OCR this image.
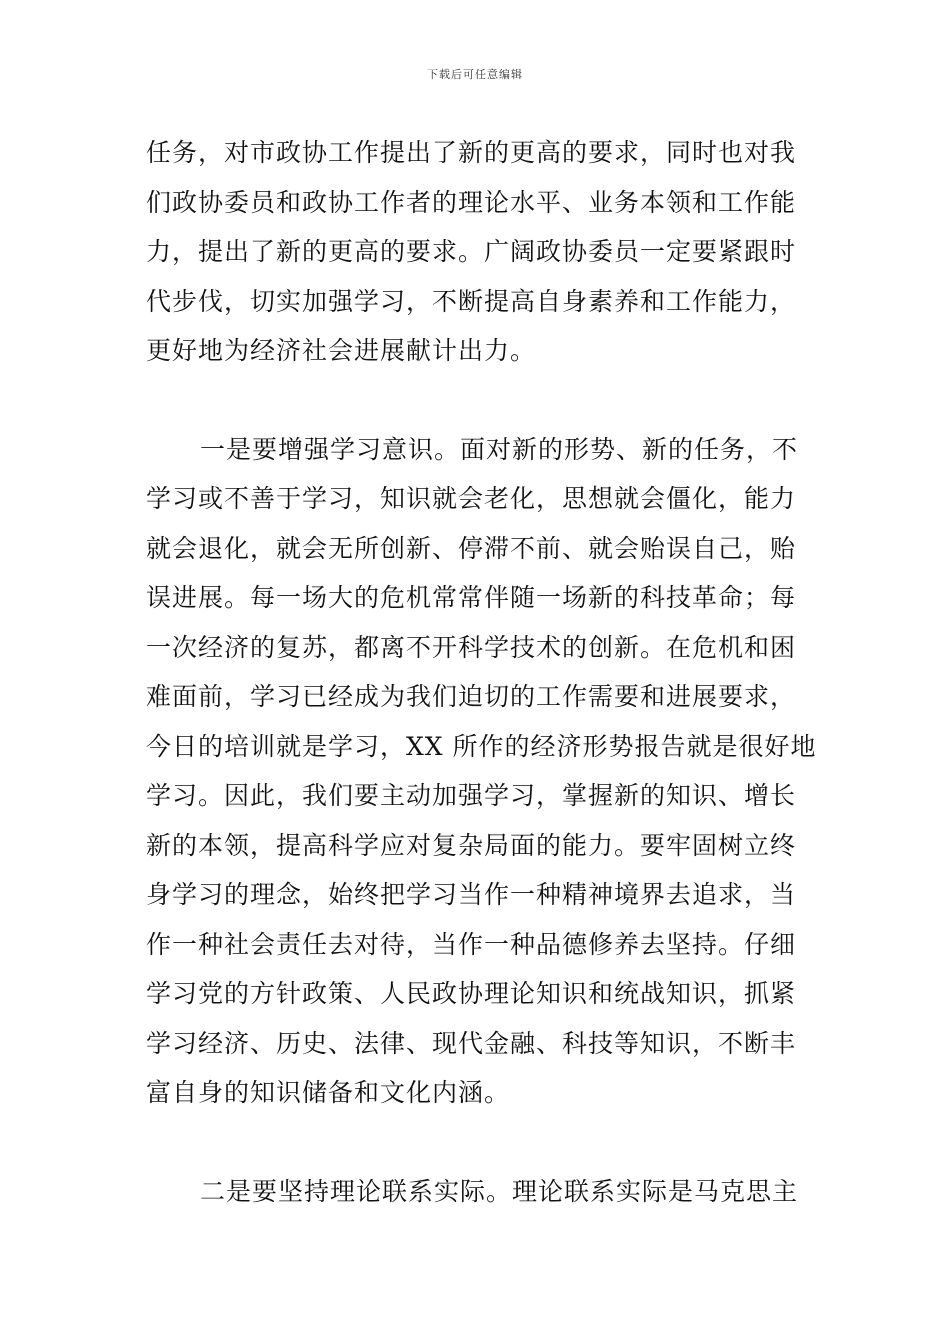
下载后可任意编辑
任务，对市政协工作提出了新的更高的要求，同时也对我
们政协委员和政协工作者的理论水平、业务本领和工作能
力，提出了新的更高的要求。广阔政协委员一定要紧跟时
代步伐，切实加强学习，不断提高自身素养和工作能力，
更好地为经济社会进展献计出力。
一是要增强学习意识。面对新的形势、新的任务，不
学习或不善于学习，知识就会老化，思想就会僵化，能力
就会退化，就会无所创新、停滞不前、就会贻误自己，贻
误进展。每一场大的危机常常伴随一场新的科技革命；每
一次经济的复苏，都离不开科学技术的创新。在危机和困
难面前，学习已经成为我们迫切的工作需要和进展要求，
今日的培训就是学习，XX 所作的经济形势报告就是很好地
学习。因此，我们要主动加强学习，掌握新的知识、增长
新的本领，提高科学应对复杂局面的能力。要牢固树立终
身学习的理念，始终把学习当作一种精神境界去追求，当
作一种社会责任去对待，当作一种品德修养去坚持。仔细
学习党的方针政策、人民政协理论知识和统战知识，抓紧
学习经济、历史、法律、现代金融、科技等知识，不断丰
富自身的知识储备和文化内涵。
二是要坚持理论联系实际。理论联系实际是马克思主
